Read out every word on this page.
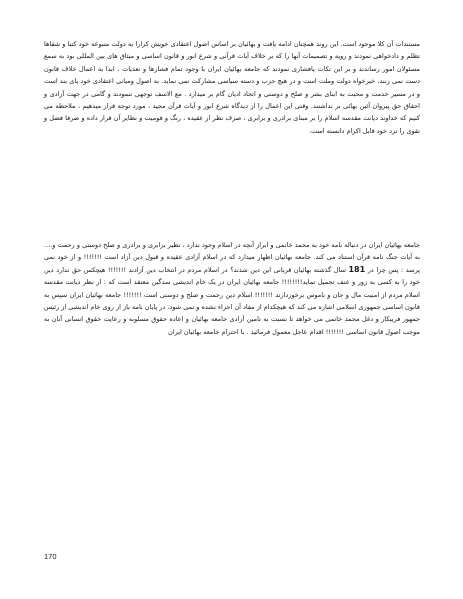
مستندات آن کلا موجود است. این روند همچنان ادامه یافت و بهائیان بر اساس اصول اعتقادی خویش کرارا به دولت متبوعه خود کتبا و شفاها تظلم و دادخواهی نمودند و رویه و تصمیمات آنها را که بر خلاف آیات قرآنی و شرع انور و قانون اساسی و میثاق های بین المللی بود به سمع مسئولان امور رساندند و بر این نکات پافشاری نمودند که جامعه بهائیان ایران با وجود تمام فشارها و تعدیات ، ابدا به اعمال خلاف قانون دست نمی زنند، خیرخواه دولت وملت است و در هیچ حزب و دسته سیاسی مشارکت نمی نماید. به اصول ومبانی اعتقادی خود پای بند است و در مسیر خدمت و محبت به ابنای بشر و صلح و دوستی و اتحاد ادیان گام بر میدارد . مع الاسف توجهی ننمودند و گامی در جهت آزادی و احقاق حق پیروان آئین بهائی بر نداشتند. وقتی این اعمال را از دیدگاه شرع انور و آیات قرآن مجید ، مورد توجه قرار میدهیم ، ملاحظه می کنیم که خداوند دیانت مقدسه اسلام را بر مبنای برادری و برابری ، صرف نظر از عقیده ، رنگ و قومیت و نظایر آن قرار داده و صرفا فضل و تقوی را نزد خود قابل اکرام دانسته است.

جامعه بهائیان ایران در دنباله نامه خود به محمد خاتمی و ابراز آنچه در اسلام وجود ندارد ، نظیر برابری و برادری و صلح دوستی و رحمت و.... به آیات جنگ نامه قرآن استناد می کند. جامعه بهائیان اظهار میدارد که در اسلام آزادی عقیده و قبول دین آزاد است !!!!!!! و از خود نمی پرسد : پس چرا در 181 سال گذشته بهائیان قربانی این دین شدند؟ در اسلام مردم در انتخاب دین آزادند !!!!!!! هیچکس حق ندارد دین خود را به کسی به زور و عنف تحمیل نماید!!!!!!!! جامعه بهائیان ایران در یک خام اندیشی سدگین معتقد است که : از نظر دیانت مقدسه اسلام مردم از امنیت مال و جان و ناموس برخوردارند !!!!!!! اسلام دین رحمت و صلح و دوستی است !!!!!!! جامعه بهائیان ایران سپس به قانون اساسی جمهوری اسلامی اشاره می کند که هیچکدام از مفاد آن اجراء نشده و نمی شود. در پایان نامه باز از روی خام اندیشی از رئیس جمهور فریبکار و دغل محمد خاتمی می خواهد تا نسبت به تامین آزادی جامعه بهائیان و اعاده حقوق مسلوبه و رعایت حقوق انسانی آنان به موجب اصول قانون اساسی !!!!!!! اقدام عاجل معمول فرمائید . با احترام جامعه بهائیان ایران

170
